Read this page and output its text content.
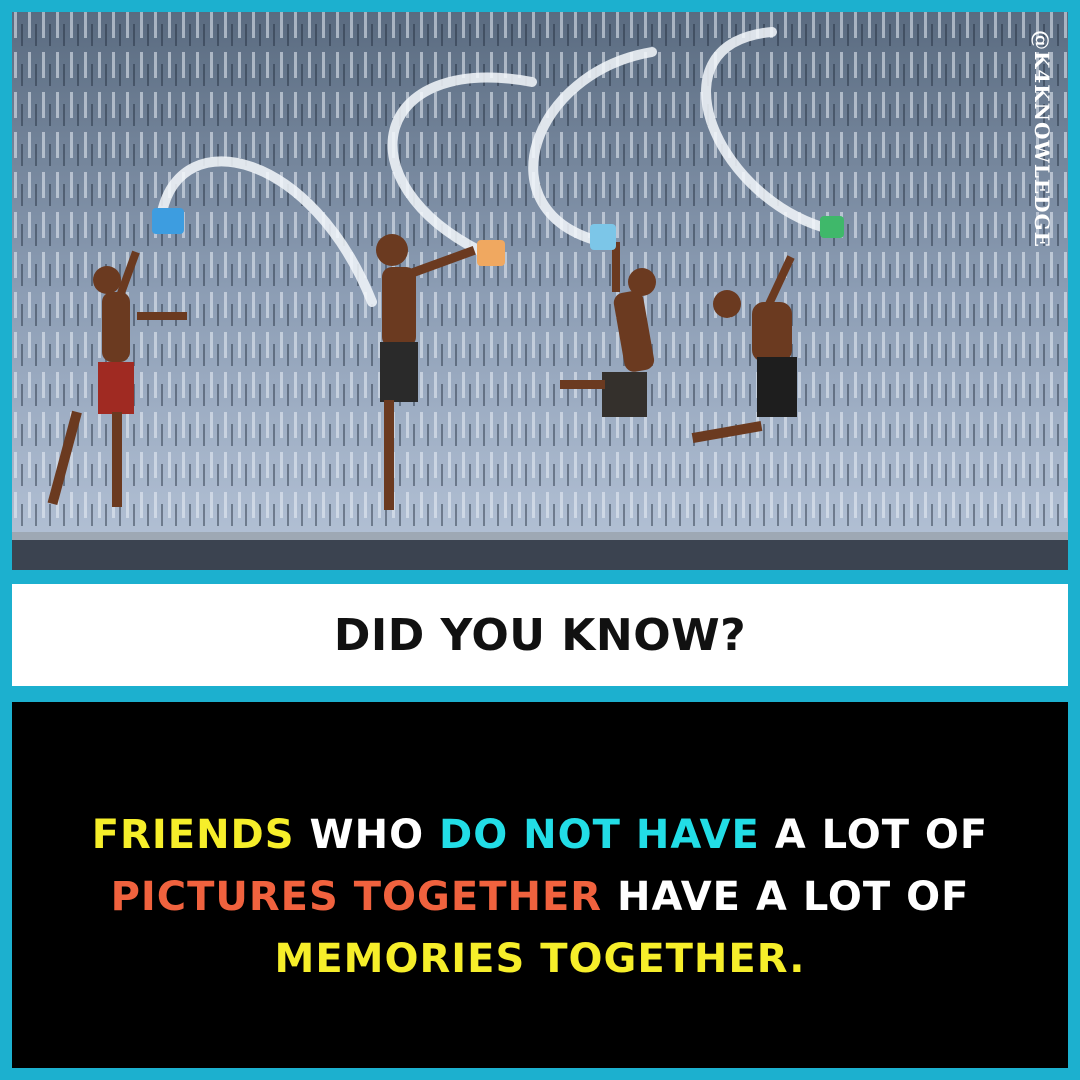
@K4KNOWLEDGE
DID YOU KNOW?
FRIENDS WHO DO NOT HAVE A LOT OF
PICTURES TOGETHER HAVE A LOT OF
MEMORIES TOGETHER.
